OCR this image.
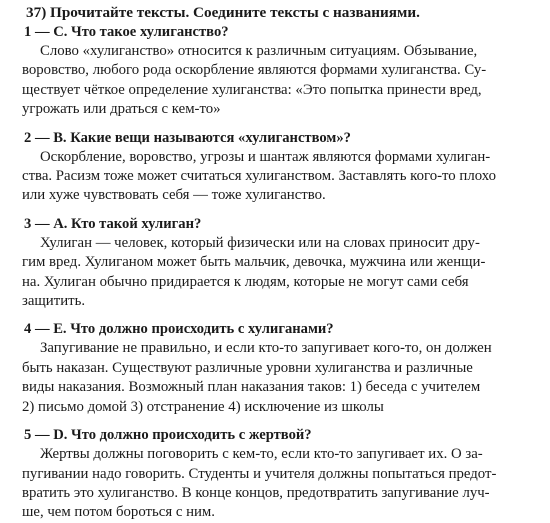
37) Прочитайте тексты. Соедините тексты с названиями.
1 — С. Что такое хулиганство?
Слово «хулиганство» относится к различным ситуациям. Обзывание,
воровство, любого рода оскорбление являются формами хулиганства. Су-
ществует чёткое определение хулиганства: «Это попытка принести вред,
угрожать или драться с кем-то»
2 — В. Какие вещи называются «хулиганством»?
Оскорбление, воровство, угрозы и шантаж являются формами хулиган-
ства. Расизм тоже может считаться хулиганством. Заставлять кого-то плохо
или хуже чувствовать себя — тоже хулиганство.
3 — А. Кто такой хулиган?
Хулиган — человек, который физически или на словах приносит дру-
гим вред. Хулиганом может быть мальчик, девочка, мужчина или женщи-
на. Хулиган обычно придирается к людям, которые не могут сами себя
защитить.
4 — Е. Что должно происходить с хулиганами?
Запугивание не правильно, и если кто-то запугивает кого-то, он должен
быть наказан. Существуют различные уровни хулиганства и различные
виды наказания. Возможный план наказания таков: 1) беседа с учителем
2) письмо домой 3) отстранение 4) исключение из школы
5 — D. Что должно происходить с жертвой?
Жертвы должны поговорить с кем-то, если кто-то запугивает их. О за-
пугивании надо говорить. Студенты и учителя должны попытаться предот-
вратить это хулиганство. В конце концов, предотвратить запугивание луч-
ше, чем потом бороться с ним.
